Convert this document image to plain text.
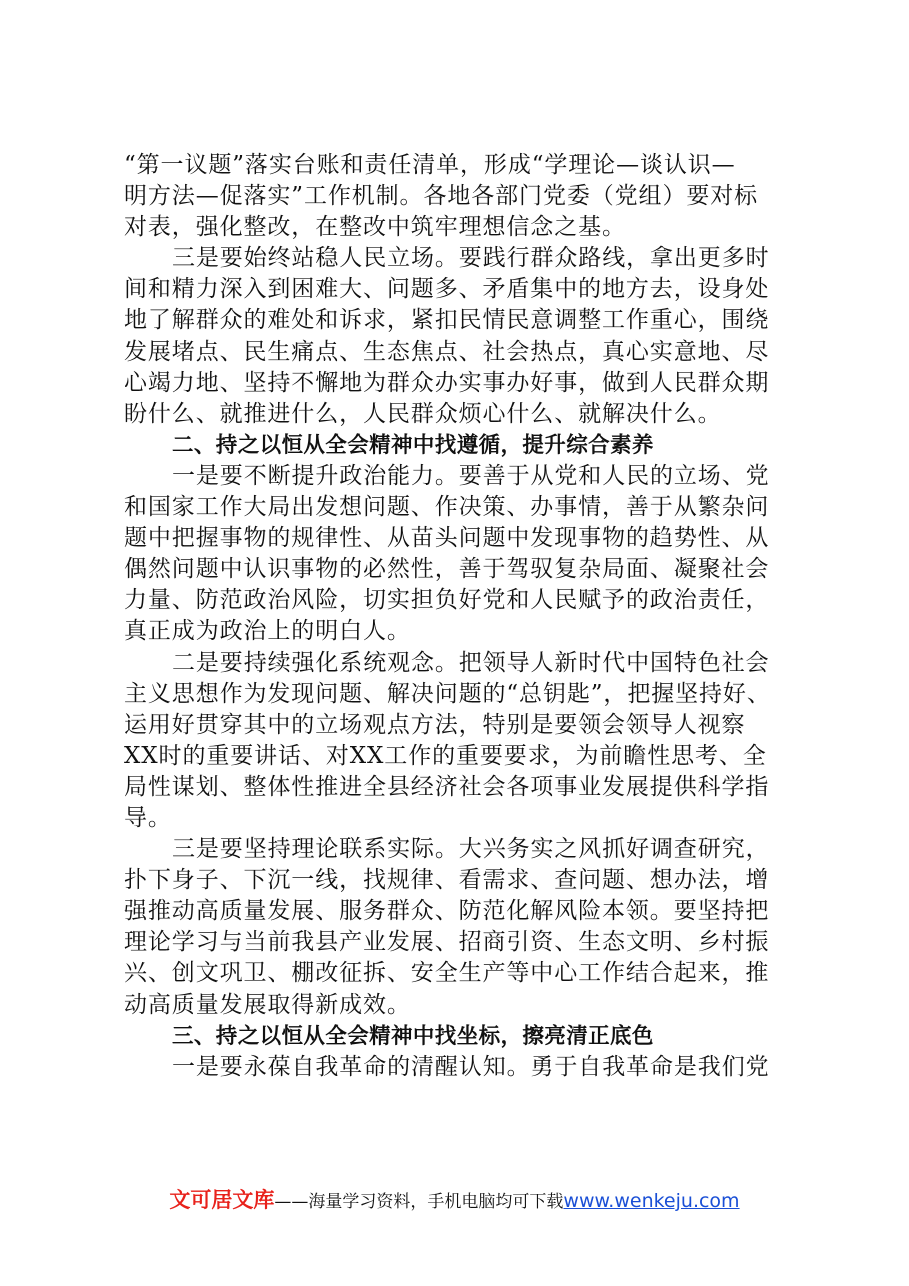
“第一议题”落实台账和责任清单，形成“学理论—谈认识—
明方法—促落实”工作机制。各地各部门党委（党组）要对标
对表，强化整改，在整改中筑牢理想信念之基。
三是要始终站稳人民立场。要践行群众路线，拿出更多时
间和精力深入到困难大、问题多、矛盾集中的地方去，设身处
地了解群众的难处和诉求，紧扣民情民意调整工作重心，围绕
发展堵点、民生痛点、生态焦点、社会热点，真心实意地、尽
心竭力地、坚持不懈地为群众办实事办好事，做到人民群众期
盼什么、就推进什么，人民群众烦心什么、就解决什么。
二、持之以恒从全会精神中找遵循，提升综合素养
一是要不断提升政治能力。要善于从党和人民的立场、党
和国家工作大局出发想问题、作决策、办事情，善于从繁杂问
题中把握事物的规律性、从苗头问题中发现事物的趋势性、从
偶然问题中认识事物的必然性，善于驾驭复杂局面、凝聚社会
力量、防范政治风险，切实担负好党和人民赋予的政治责任，
真正成为政治上的明白人。
二是要持续强化系统观念。把领导人新时代中国特色社会
主义思想作为发现问题、解决问题的“总钥匙”，把握坚持好、
运用好贯穿其中的立场观点方法，特别是要领会领导人视察
XX时的重要讲话、对XX工作的重要要求，为前瞻性思考、全
局性谋划、整体性推进全县经济社会各项事业发展提供科学指
导。
三是要坚持理论联系实际。大兴务实之风抓好调查研究，
扑下身子、下沉一线，找规律、看需求、查问题、想办法，增
强推动高质量发展、服务群众、防范化解风险本领。要坚持把
理论学习与当前我县产业发展、招商引资、生态文明、乡村振
兴、创文巩卫、棚改征拆、安全生产等中心工作结合起来，推
动高质量发展取得新成效。
三、持之以恒从全会精神中找坐标，擦亮清正底色
一是要永葆自我革命的清醒认知。勇于自我革命是我们党
文可居文库——海量学习资料，手机电脑均可下载www.wenkeju.com
